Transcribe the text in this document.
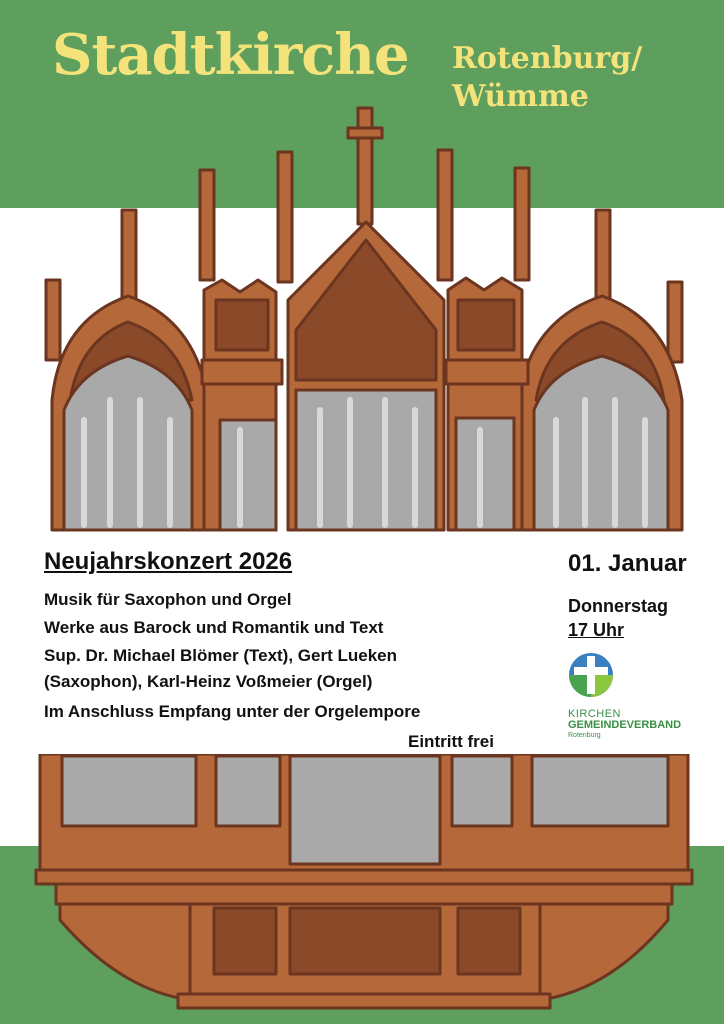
Stadtkirche Rotenburg/
Wümme
Neujahrskonzert 2026

Musik für Saxophon und Orgel

Werke aus Barock und Romantik und Text

Sup. Dr. Michael Blömer (Text), Gert Lueken

(Saxophon), Karl-Heinz Voßmeier (Orgel)

Im Anschluss Empfang unter der Orgelempore

Eintritt frei
01. Januar
Donnerstag
17 Uhr
KIRCHEN
GEMEINDEVERBAND
Rotenburg
